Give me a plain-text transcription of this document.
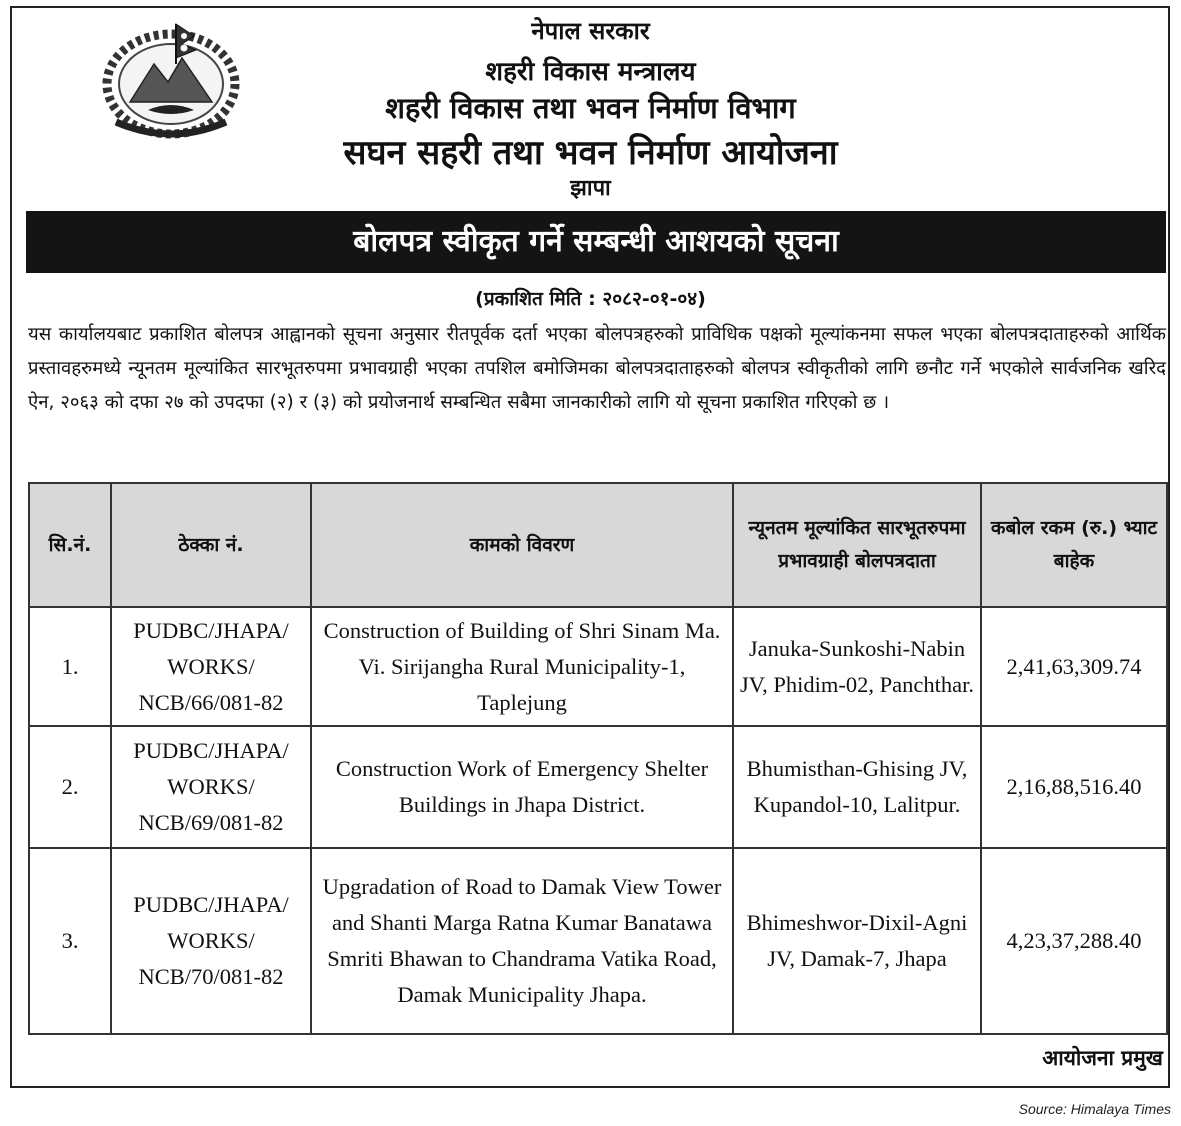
नेपाल सरकार
शहरी विकास मन्त्रालय
शहरी विकास तथा भवन निर्माण विभाग
सघन सहरी तथा भवन निर्माण आयोजना
झापा
बोलपत्र स्वीकृत गर्ने सम्बन्धी आशयको सूचना
(प्रकाशित मिति : २०८२-०१-०४)

यस कार्यालयबाट प्रकाशित बोलपत्र आह्वानको सूचना अनुसार रीतपूर्वक दर्ता भएका बोलपत्रहरुको प्राविधिक पक्षको मूल्यांकनमा सफल भएका बोलपत्रदाताहरुको आर्थिक प्रस्तावहरुमध्ये न्यूनतम मूल्यांकित सारभूतरुपमा प्रभावग्राही भएका तपशिल बमोजिमका बोलपत्रदाताहरुको बोलपत्र स्वीकृतीको लागि छनौट गर्ने भएकोले सार्वजनिक खरिद ऐन, २०६३ को दफा २७ को उपदफा (२) र (३) को प्रयोजनार्थ सम्बन्धित सबैमा जानकारीको लागि यो सूचना प्रकाशित गरिएको छ ।

सि.नं.	ठेक्का नं.	कामको विवरण	न्यूनतम मूल्यांकित सारभूतरुपमा प्रभावग्राही बोलपत्रदाता	कबोल रकम (रु.) भ्याट बाहेक
1.	PUDBC/JHAPA/ WORKS/ NCB/66/081-82	Construction of Building of Shri Sinam Ma. Vi. Sirijangha Rural Municipality-1, Taplejung	Januka-Sunkoshi-Nabin JV, Phidim-02, Panchthar.	2,41,63,309.74
2.	PUDBC/JHAPA/ WORKS/ NCB/69/081-82	Construction Work of Emergency Shelter Buildings in Jhapa District.	Bhumisthan-Ghising JV, Kupandol-10, Lalitpur.	2,16,88,516.40
3.	PUDBC/JHAPA/ WORKS/ NCB/70/081-82	Upgradation of Road to Damak View Tower and Shanti Marga Ratna Kumar Banatawa Smriti Bhawan to Chandrama Vatika Road, Damak Municipality Jhapa.	Bhimeshwor-Dixil-Agni JV, Damak-7, Jhapa	4,23,37,288.40
आयोजना प्रमुख
Source: Himalaya Times
